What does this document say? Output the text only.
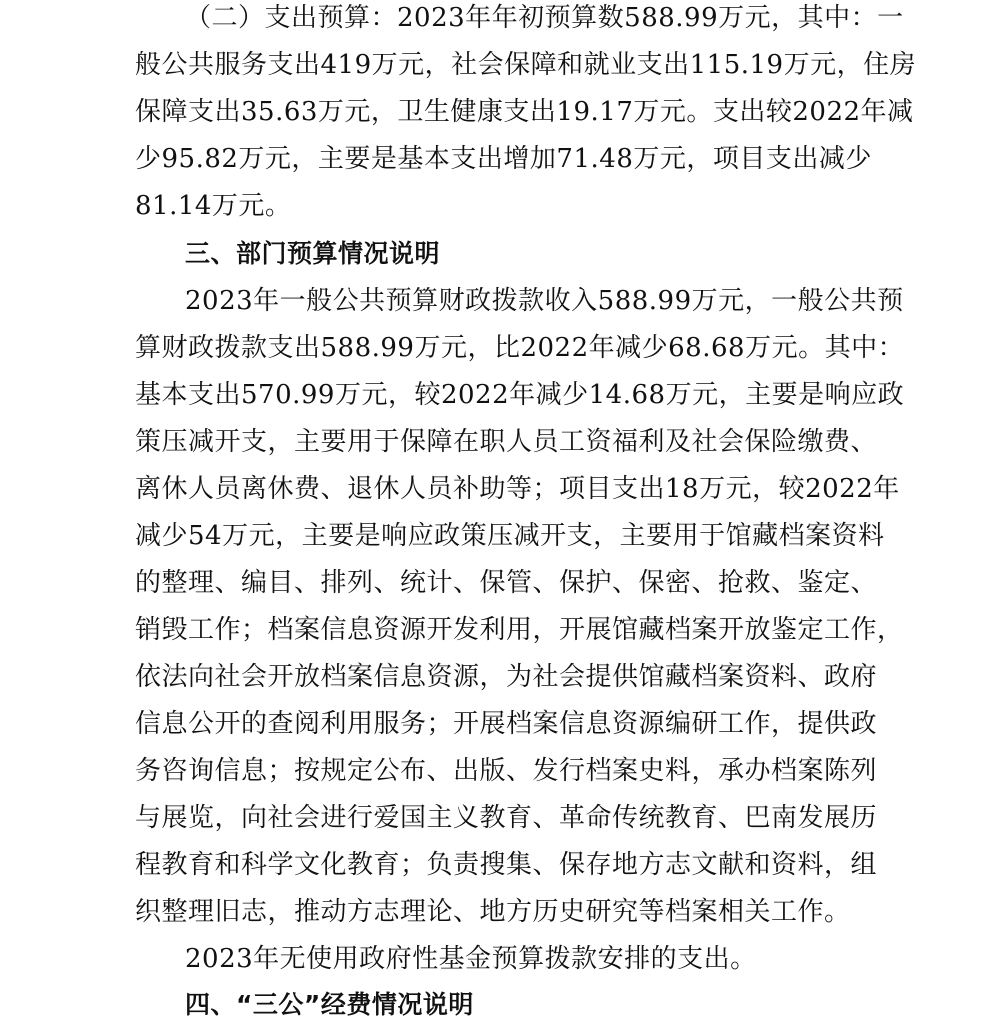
（二）支出预算：2023年年初预算数588.99万元，其中：一
般公共服务支出419万元，社会保障和就业支出115.19万元，住房
保障支出35.63万元，卫生健康支出19.17万元。支出较2022年减
少95.82万元，主要是基本支出增加71.48万元，项目支出减少
81.14万元。
三、部门预算情况说明
2023年一般公共预算财政拨款收入588.99万元，一般公共预
算财政拨款支出588.99万元，比2022年减少68.68万元。其中：
基本支出570.99万元，较2022年减少14.68万元，主要是响应政
策压减开支，主要用于保障在职人员工资福利及社会保险缴费、
离休人员离休费、退休人员补助等；项目支出18万元，较2022年
减少54万元，主要是响应政策压减开支，主要用于馆藏档案资料
的整理、编目、排列、统计、保管、保护、保密、抢救、鉴定、
销毁工作；档案信息资源开发利用，开展馆藏档案开放鉴定工作，
依法向社会开放档案信息资源，为社会提供馆藏档案资料、政府
信息公开的查阅利用服务；开展档案信息资源编研工作，提供政
务咨询信息；按规定公布、出版、发行档案史料，承办档案陈列
与展览，向社会进行爱国主义教育、革命传统教育、巴南发展历
程教育和科学文化教育；负责搜集、保存地方志文献和资料，组
织整理旧志，推动方志理论、地方历史研究等档案相关工作。
2023年无使用政府性基金预算拨款安排的支出。
四、“三公”经费情况说明
